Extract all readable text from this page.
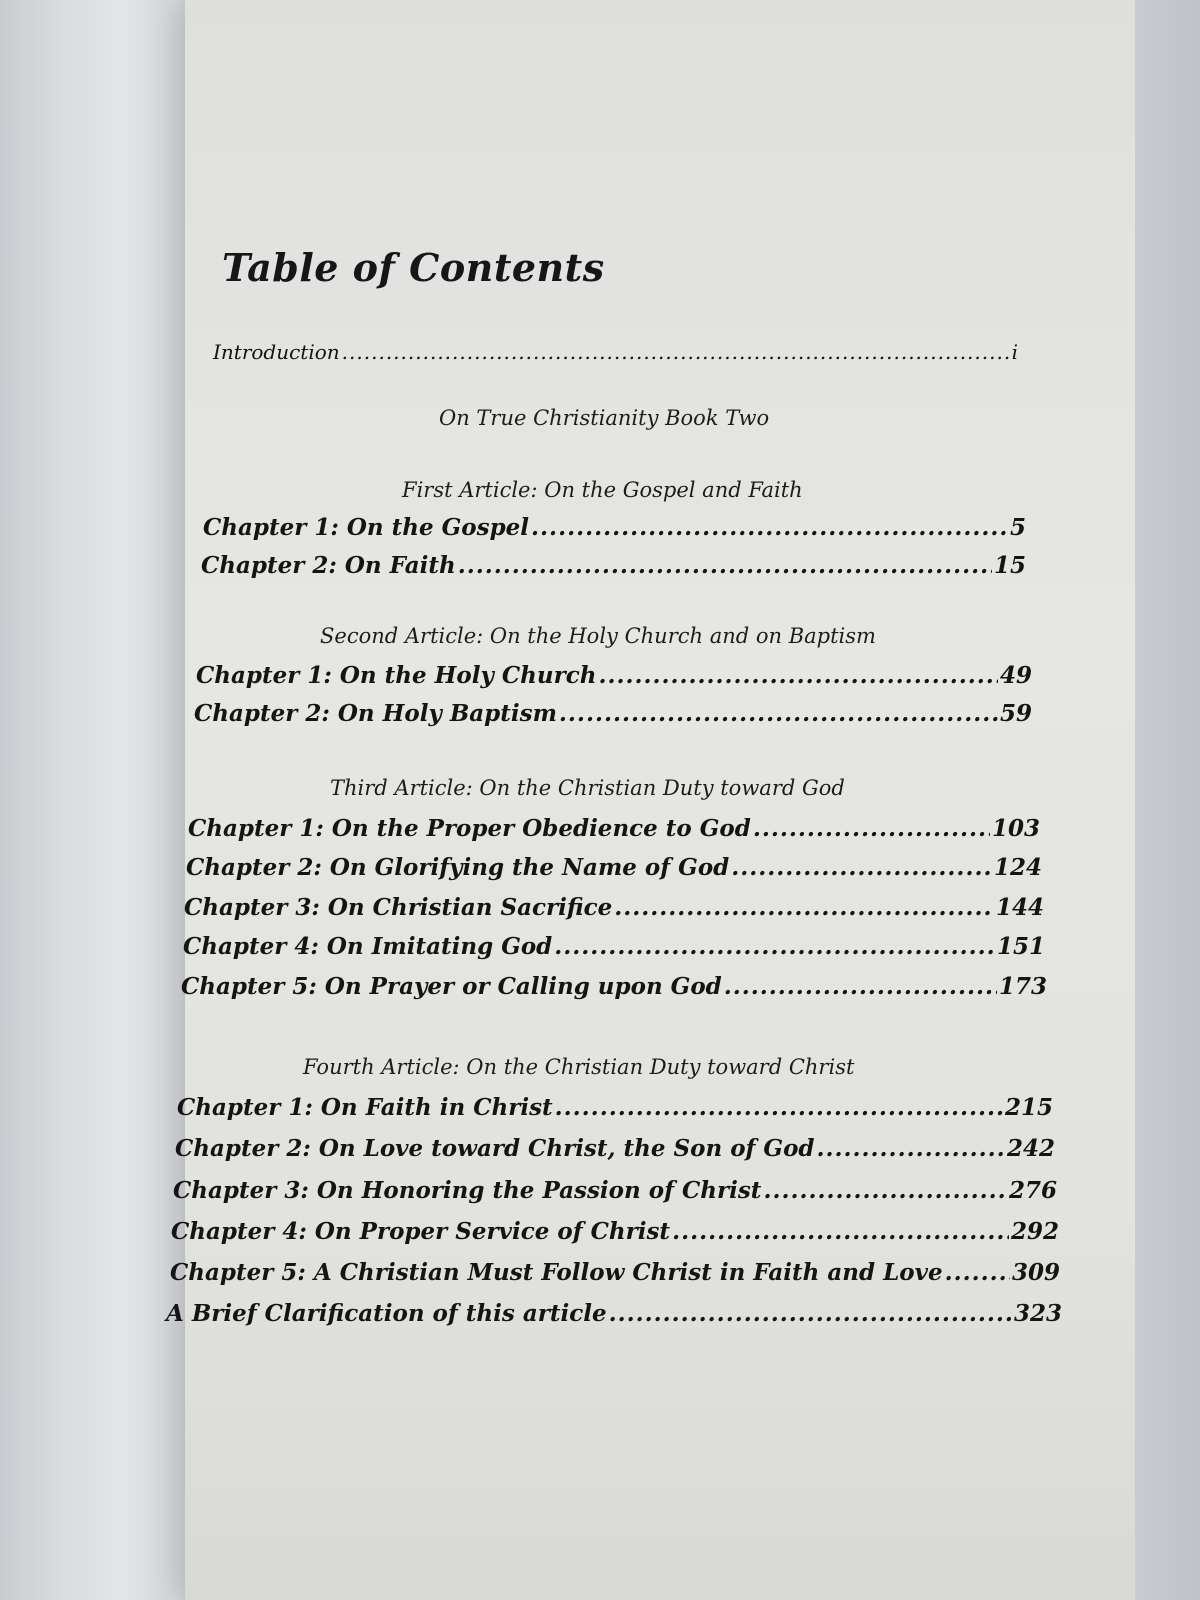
Table of Contents
Introduction .....	i

On True Christianity Book Two

First Article: On the Gospel and Faith

Chapter 1: On the Gospel .....	5
Chapter 2: On Faith .....	15

Second Article: On the Holy Church and on Baptism

Chapter 1: On the Holy Church .....	49
Chapter 2: On Holy Baptism .....	59

Third Article: On the Christian Duty toward God

Chapter 1: On the Proper Obedience to God .....	103
Chapter 2: On Glorifying the Name of God .....	124
Chapter 3: On Christian Sacrifice .....	144
Chapter 4: On Imitating God .....	151
Chapter 5: On Prayer or Calling upon God .....	173

Fourth Article: On the Christian Duty toward Christ

Chapter 1: On Faith in Christ .....	215
Chapter 2: On Love toward Christ, the Son of God .....	242
Chapter 3: On Honoring the Passion of Christ .....	276
Chapter 4: On Proper Service of Christ .....	292
Chapter 5: A Christian Must Follow Christ in Faith and Love .....	309
A Brief Clarification of this article .....	323
